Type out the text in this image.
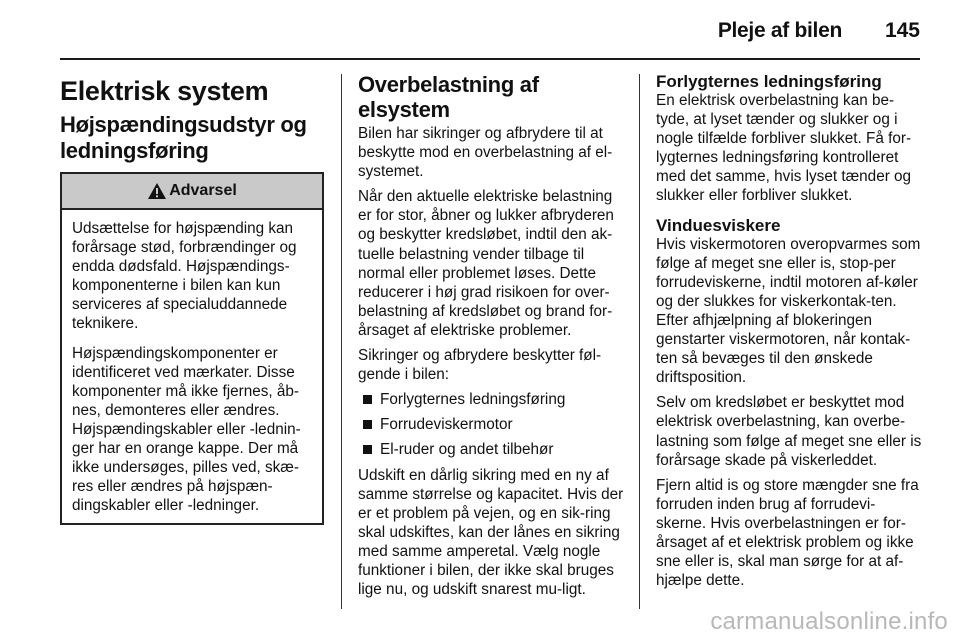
Pleje af bilen 145
Elektrisk system
Højspændingsudstyr og ledningsføring
Advarsel

Udsættelse for højspænding kan forårsage stød, forbrændinger og endda dødsfald. Højspændings-komponenterne i bilen kan kun serviceres af specialuddannede teknikere.

Højspændingskomponenter er identificeret ved mærkater. Disse komponenter må ikke fjernes, åb-nes, demonteres eller ændres. Højspændingskabler eller -lednin-ger har en orange kappe. Der må ikke undersøges, pilles ved, skæ-res eller ændres på højspæn-dingskabler eller -ledninger.

Overbelastning af elsystem

Bilen har sikringer og afbrydere til at beskytte mod en overbelastning af el-systemet.

Når den aktuelle elektriske belastning er for stor, åbner og lukker afbryderen og beskytter kredsløbet, indtil den ak-tuelle belastning vender tilbage til normal eller problemet løses. Dette reducerer i høj grad risikoen for over-belastning af kredsløbet og brand for-årsaget af elektriske problemer.

Sikringer og afbrydere beskytter føl-gende i bilen:

Forlygternes ledningsføring
Forrudeviskermotor
El-ruder og andet tilbehør

Udskift en dårlig sikring med en ny af samme størrelse og kapacitet. Hvis der er et problem på vejen, og en sik-ring skal udskiftes, kan der lånes en sikring med samme amperetal. Vælg nogle funktioner i bilen, der ikke skal bruges lige nu, og udskift snarest mu-ligt.

Forlygternes ledningsføring

En elektrisk overbelastning kan be-tyde, at lyset tænder og slukker og i nogle tilfælde forbliver slukket. Få for-lygternes ledningsføring kontrolleret med det samme, hvis lyset tænder og slukker eller forbliver slukket.

Vinduesviskere

Hvis viskermotoren overopvarmes som følge af meget sne eller is, stop-per forrudeviskerne, indtil motoren af-køler og der slukkes for viskerkontak-ten. Efter afhjælpning af blokeringen genstarter viskermotoren, når kontak-ten så bevæges til den ønskede driftsposition.

Selv om kredsløbet er beskyttet mod elektrisk overbelastning, kan overbe-lastning som følge af meget sne eller is forårsage skade på viskerleddet.

Fjern altid is og store mængder sne fra forruden inden brug af forrudevi-skerne. Hvis overbelastningen er for-årsaget af et elektrisk problem og ikke sne eller is, skal man sørge for at af-hjælpe dette.

carmanualsonline.info
